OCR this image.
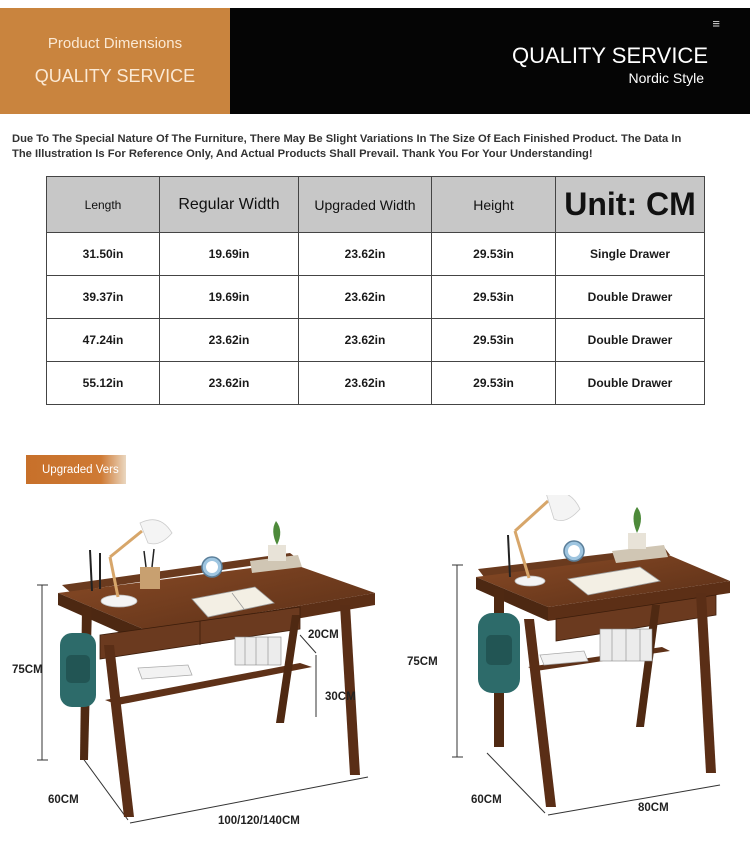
Product Dimensions
QUALITY SERVICE
≡
QUALITY SERVICE
Nordic Style
Due To The Special Nature Of The Furniture, There May Be Slight Variations In The Size Of Each Finished Product. The Data In The Illustration Is For Reference Only, And Actual Products Shall Prevail. Thank You For Your Understanding!
Length	Regular Width	Upgraded Width	Height	Unit: CM
31.50in	19.69in	23.62in	29.53in	Single Drawer
39.37in	19.69in	23.62in	29.53in	Double Drawer
47.24in	23.62in	23.62in	29.53in	Double Drawer
55.12in	23.62in	23.62in	29.53in	Double Drawer
Upgraded Vers
75CM
60CM
100/120/140CM
20CM
30CM
75CM
60CM
80CM
